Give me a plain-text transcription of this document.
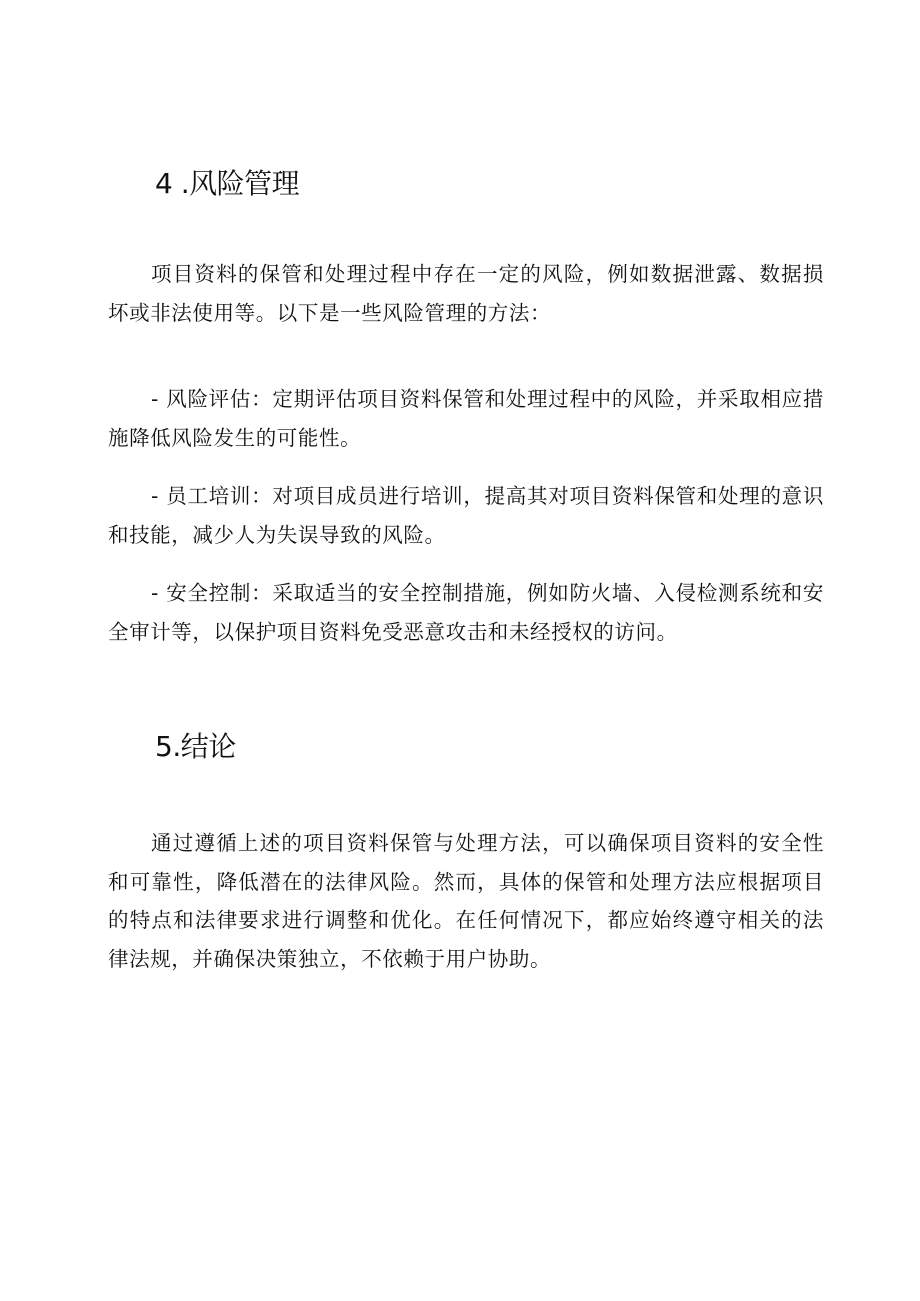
4 .风险管理

项目资料的保管和处理过程中存在一定的风险，例如数据泄露、数据损坏或非法使用等。以下是一些风险管理的方法：

- 风险评估：定期评估项目资料保管和处理过程中的风险，并采取相应措施降低风险发生的可能性。

- 员工培训：对项目成员进行培训，提高其对项目资料保管和处理的意识和技能，减少人为失误导致的风险。

- 安全控制：采取适当的安全控制措施，例如防火墙、入侵检测系统和安全审计等，以保护项目资料免受恶意攻击和未经授权的访问。

5.结论

通过遵循上述的项目资料保管与处理方法，可以确保项目资料的安全性和可靠性，降低潜在的法律风险。然而，具体的保管和处理方法应根据项目的特点和法律要求进行调整和优化。在任何情况下，都应始终遵守相关的法律法规，并确保决策独立，不依赖于用户协助。
